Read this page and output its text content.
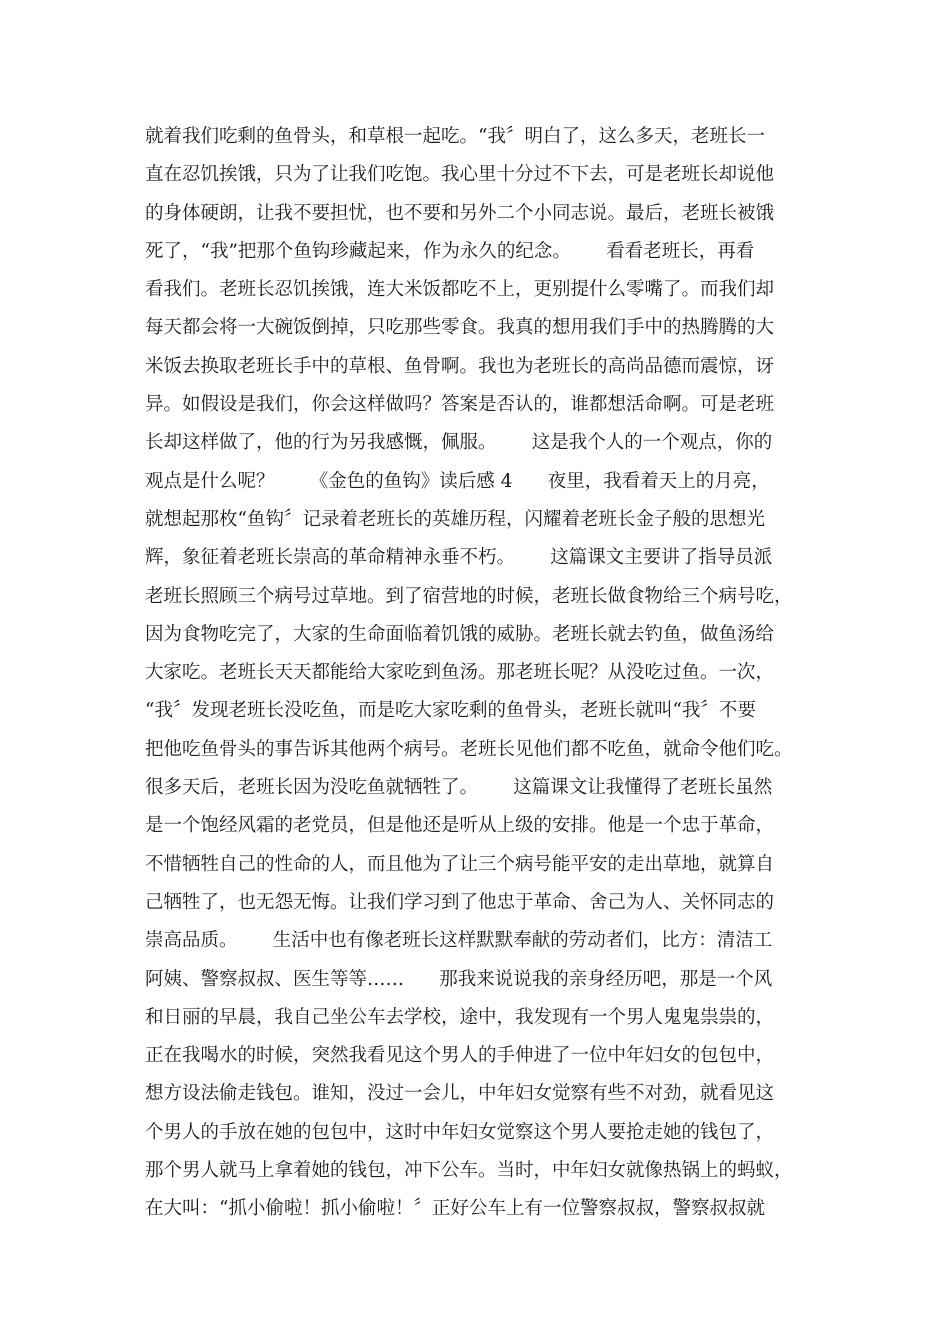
就着我们吃剩的鱼骨头，和草根一起吃。“我〞明白了，这么多天，老班长一
直在忍饥挨饿，只为了让我们吃饱。我心里十分过不下去，可是老班长却说他
的身体硬朗，让我不要担忧，也不要和另外二个小同志说。最后，老班长被饿
死了，“我”把那个鱼钩珍藏起来，作为永久的纪念。      看看老班长，再看
看我们。老班长忍饥挨饿，连大米饭都吃不上，更别提什么零嘴了。而我们却
每天都会将一大碗饭倒掉，只吃那些零食。我真的想用我们手中的热腾腾的大
米饭去换取老班长手中的草根、鱼骨啊。我也为老班长的高尚品德而震惊，讶
异。如假设是我们，你会这样做吗？答案是否认的，谁都想活命啊。可是老班
长却这样做了，他的行为另我感慨，佩服。      这是我个人的一个观点，你的
观点是什么呢？      《金色的鱼钩》读后感 4      夜里，我看着天上的月亮，
就想起那枚“鱼钩〞记录着老班长的英雄历程，闪耀着老班长金子般的思想光
辉，象征着老班长崇高的革命精神永垂不朽。      这篇课文主要讲了指导员派
老班长照顾三个病号过草地。到了宿营地的时候，老班长做食物给三个病号吃，
因为食物吃完了，大家的生命面临着饥饿的威胁。老班长就去钓鱼，做鱼汤给
大家吃。老班长天天都能给大家吃到鱼汤。那老班长呢？从没吃过鱼。一次，
“我〞发现老班长没吃鱼，而是吃大家吃剩的鱼骨头，老班长就叫“我〞不要
把他吃鱼骨头的事告诉其他两个病号。老班长见他们都不吃鱼，就命令他们吃。
很多天后，老班长因为没吃鱼就牺牲了。      这篇课文让我懂得了老班长虽然
是一个饱经风霜的老党员，但是他还是听从上级的安排。他是一个忠于革命，
不惜牺牲自己的性命的人，而且他为了让三个病号能平安的走出草地，就算自
己牺牲了，也无怨无悔。让我们学习到了他忠于革命、舍己为人、关怀同志的
崇高品质。      生活中也有像老班长这样默默奉献的劳动者们，比方：清洁工
阿姨、警察叔叔、医生等等……      那我来说说我的亲身经历吧，那是一个风
和日丽的早晨，我自己坐公车去学校，途中，我发现有一个男人鬼鬼祟祟的，
正在我喝水的时候，突然我看见这个男人的手伸进了一位中年妇女的包包中，
想方设法偷走钱包。谁知，没过一会儿，中年妇女觉察有些不对劲，就看见这
个男人的手放在她的包包中，这时中年妇女觉察这个男人要抢走她的钱包了，
那个男人就马上拿着她的钱包，冲下公车。当时，中年妇女就像热锅上的蚂蚁，
在大叫：“抓小偷啦！抓小偷啦！〞正好公车上有一位警察叔叔，警察叔叔就
